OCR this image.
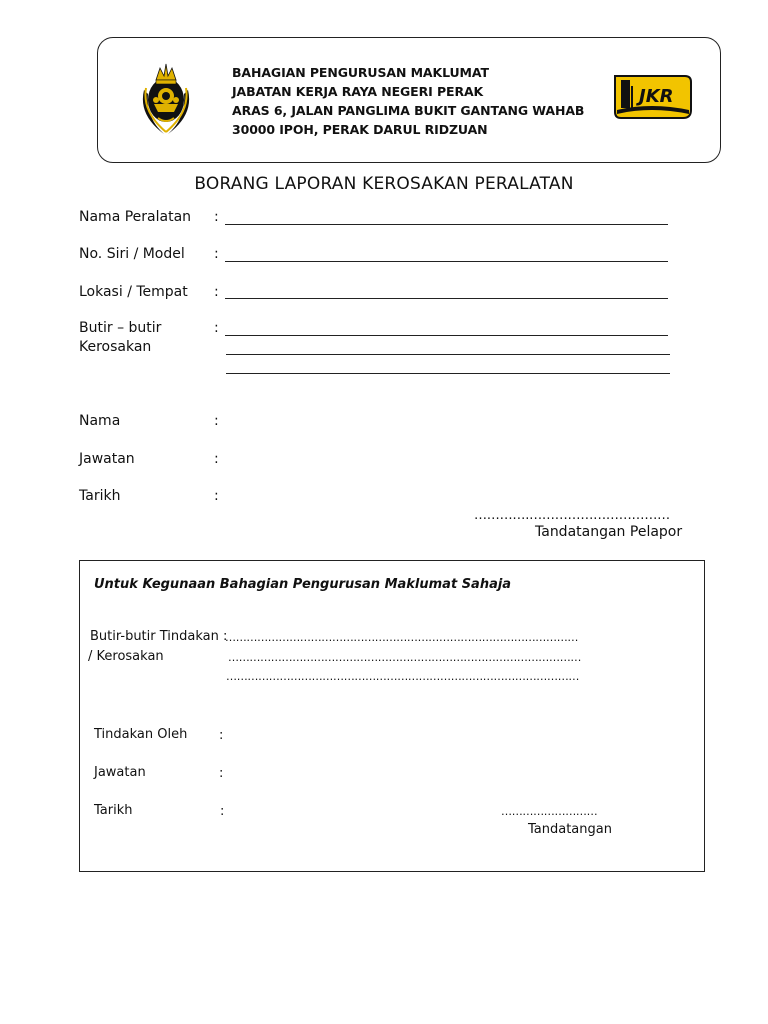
BAHAGIAN PENGURUSAN MAKLUMAT
JABATAN KERJA RAYA NEGERI PERAK
ARAS 6, JALAN PANGLIMA BUKIT GANTANG WAHAB
30000 IPOH, PERAK DARUL RIDZUAN
JKR
BORANG LAPORAN KEROSAKAN PERALATAN
Nama Peralatan :
No. Siri / Model :
Lokasi / Tempat :
Butir – butir
Kerosakan
:
Nama	:
Jawatan	:
Tarikh	:
………….……………………………
Tandatangan Pelapor
Untuk Kegunaan Bahagian Pengurusan Maklumat Sahaja
Butir-butir Tindakan :
/ Kerosakan
………………………………………………………………………………………
………………………………………………………………………………………
………………………………………………………………………………………
Tindakan Oleh :
Jawatan	:
Tarikh	:	………………………
Tandatangan
